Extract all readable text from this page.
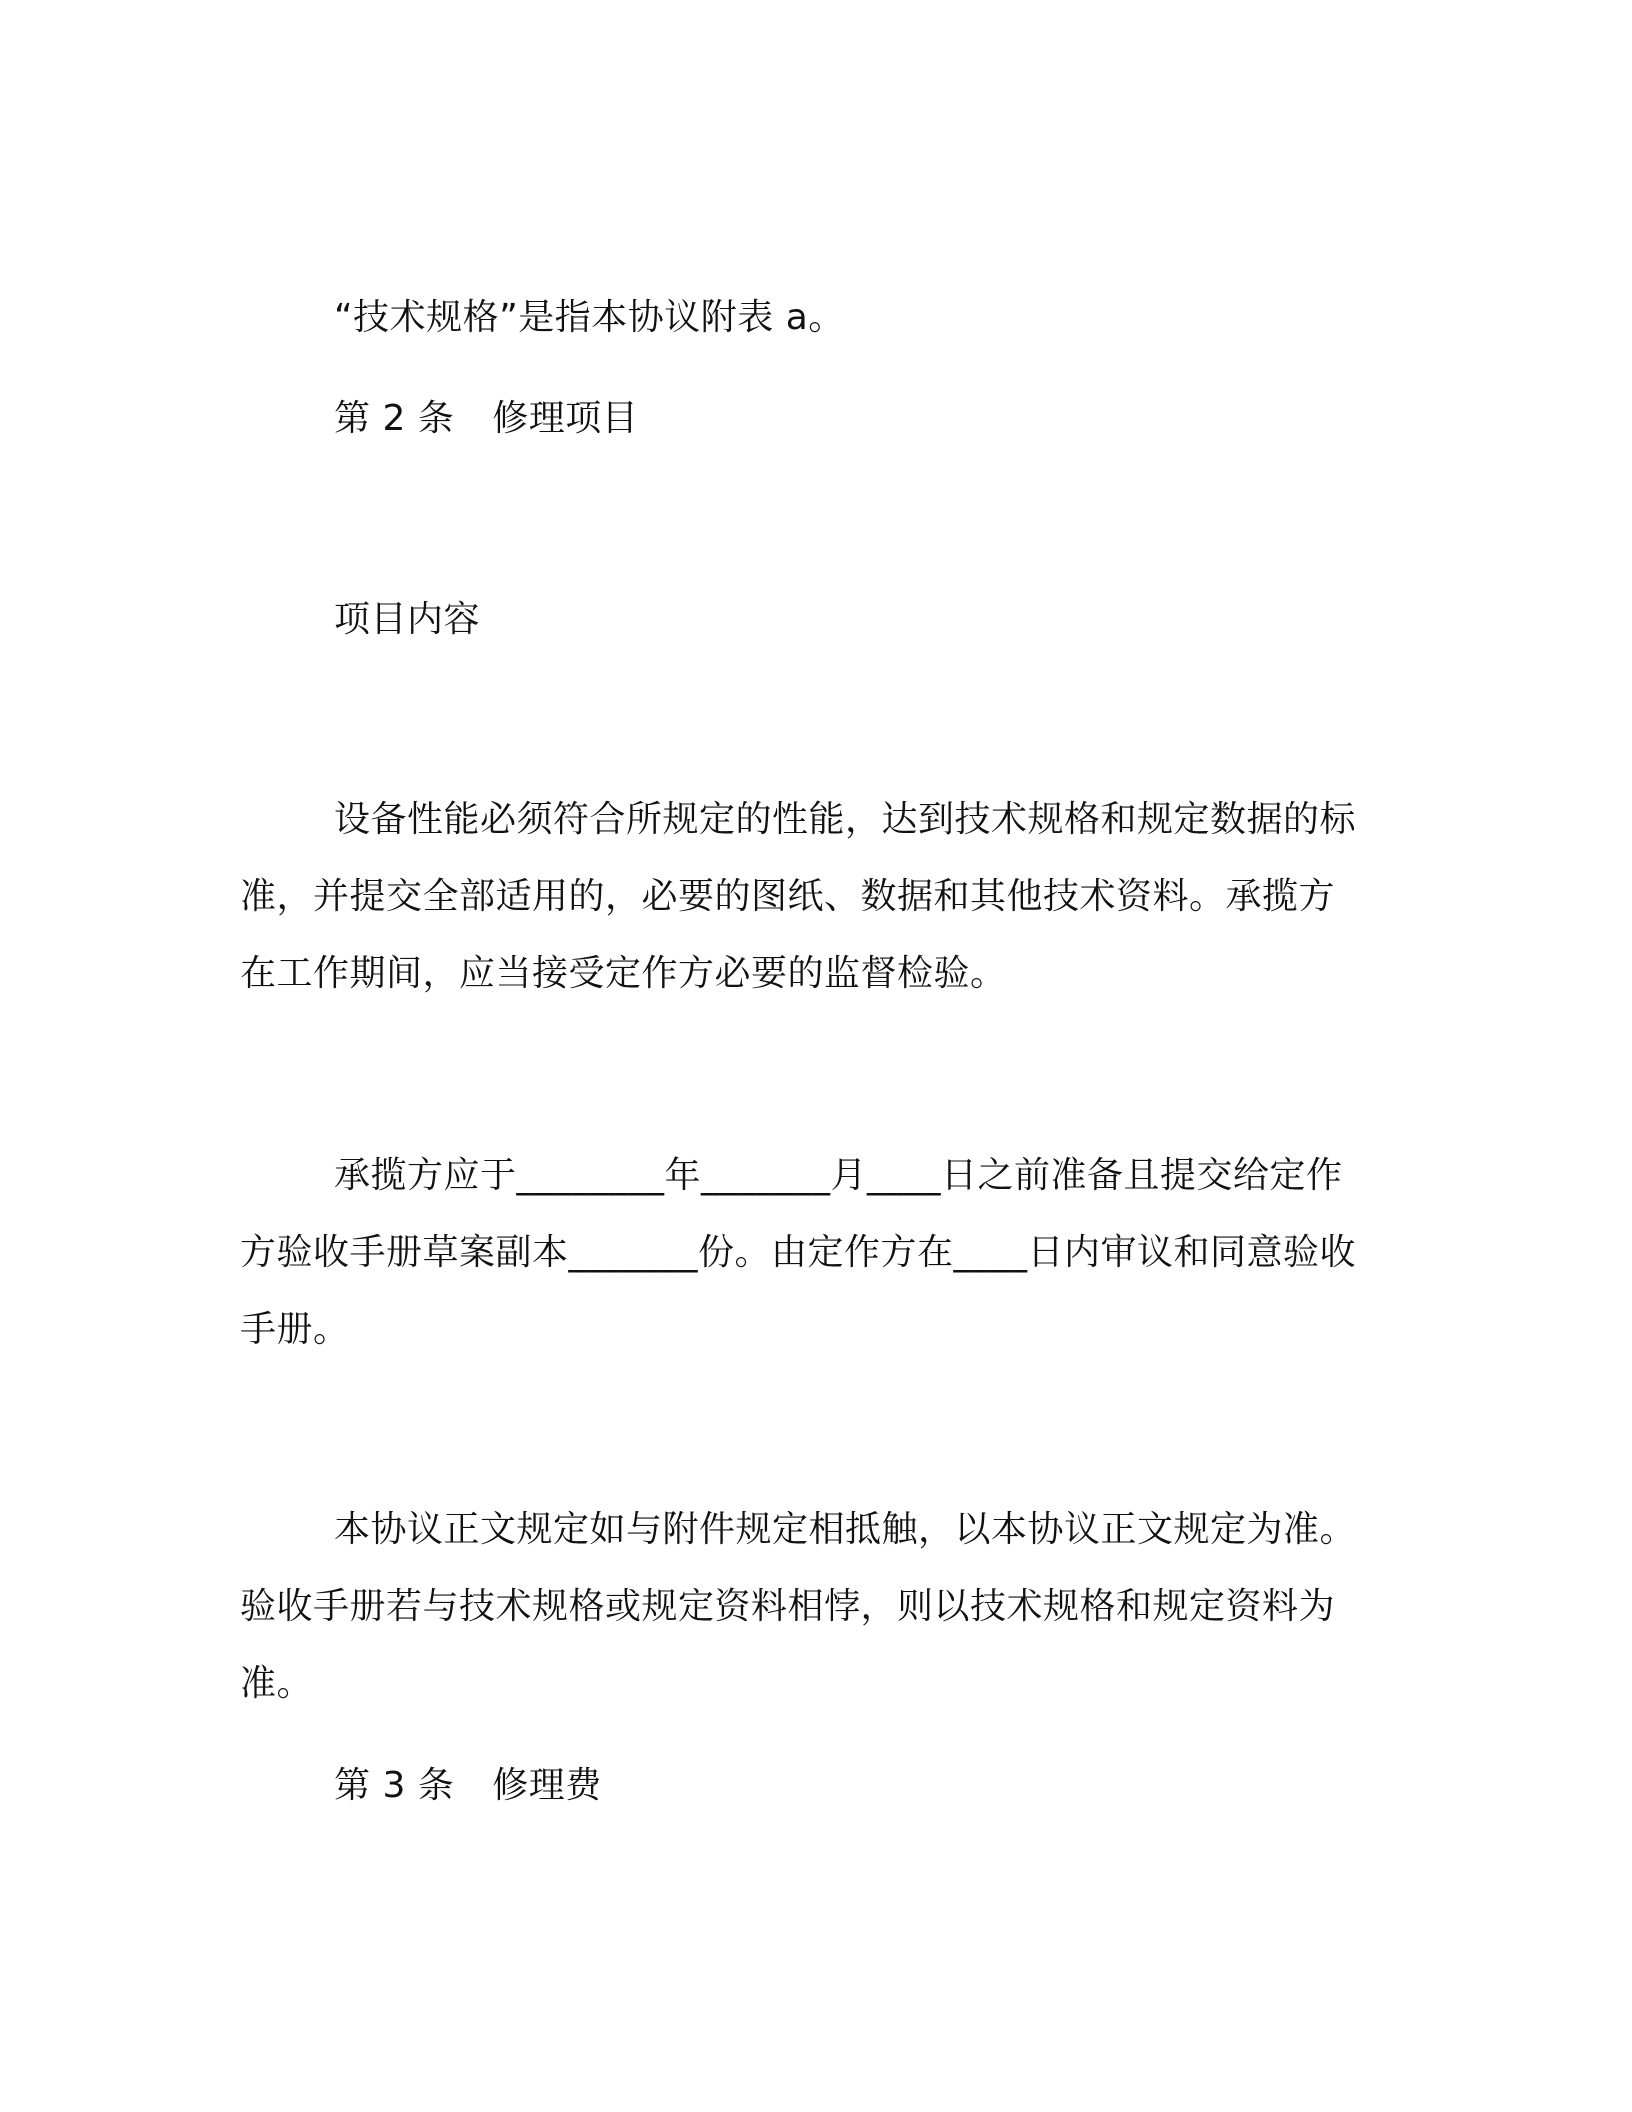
“技术规格”是指本协议附表 a。
第 2 条 修理项目
项目内容
设备性能必须符合所规定的性能，达到技术规格和规定数据的标
准，并提交全部适用的，必要的图纸、数据和其他技术资料。承揽方
在工作期间，应当接受定作方必要的监督检验。
承揽方应于________年_______月____日之前准备且提交给定作
方验收手册草案副本_______份。由定作方在____日内审议和同意验收
手册。
本协议正文规定如与附件规定相抵触，以本协议正文规定为准。
验收手册若与技术规格或规定资料相悖，则以技术规格和规定资料为
准。
第 3 条 修理费
